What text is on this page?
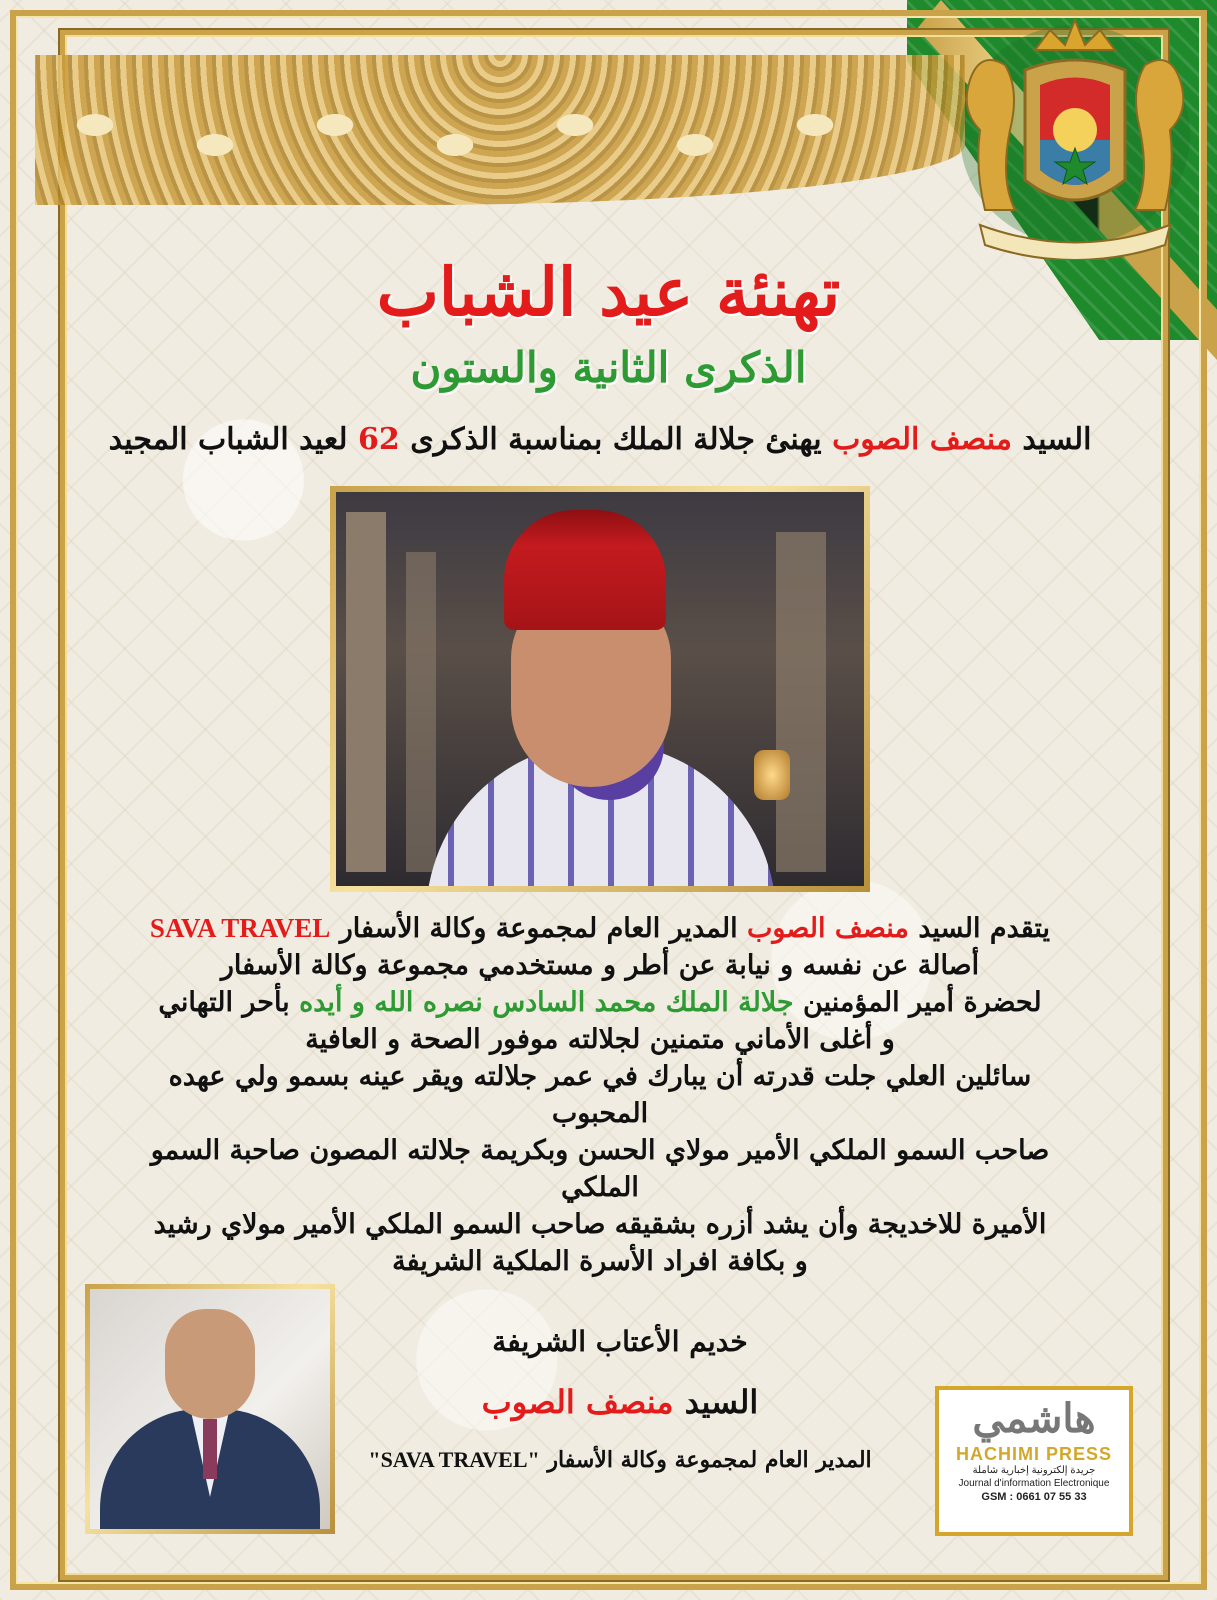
تهنئة عيد الشباب
الذكرى الثانية والستون
السيد منصف الصوب يهنئ جلالة الملك بمناسبة الذكرى 62 لعيد الشباب المجيد

يتقدم السيد منصف الصوب المدير العام لمجموعة وكالة الأسفار SAVA TRAVEL

أصالة عن نفسه و نيابة عن أطر و مستخدمي مجموعة وكالة الأسفار

لحضرة أمير المؤمنين جلالة الملك محمد السادس نصره الله و أيده بأحر التهاني

و أغلى الأماني متمنين لجلالته موفور الصحة و العافية

سائلين العلي جلت قدرته أن يبارك في عمر جلالته ويقر عينه بسمو ولي عهده المحبوب

صاحب السمو الملكي الأمير مولاي الحسن وبكريمة جلالته المصون صاحبة السمو الملكي

الأميرة للاخديجة وأن يشد أزره بشقيقه صاحب السمو الملكي الأمير مولاي رشيد

و بكافة افراد الأسرة الملكية الشريفة

خديم الأعتاب الشريفة
السيد منصف الصوب
المدير العام لمجموعة وكالة الأسفار "SAVA TRAVEL"
هاشمي
HACHIMI PRESS
جريدة إلكترونية إخبارية شاملة
Journal d'information Electronique
GSM : 0661 07 55 33
